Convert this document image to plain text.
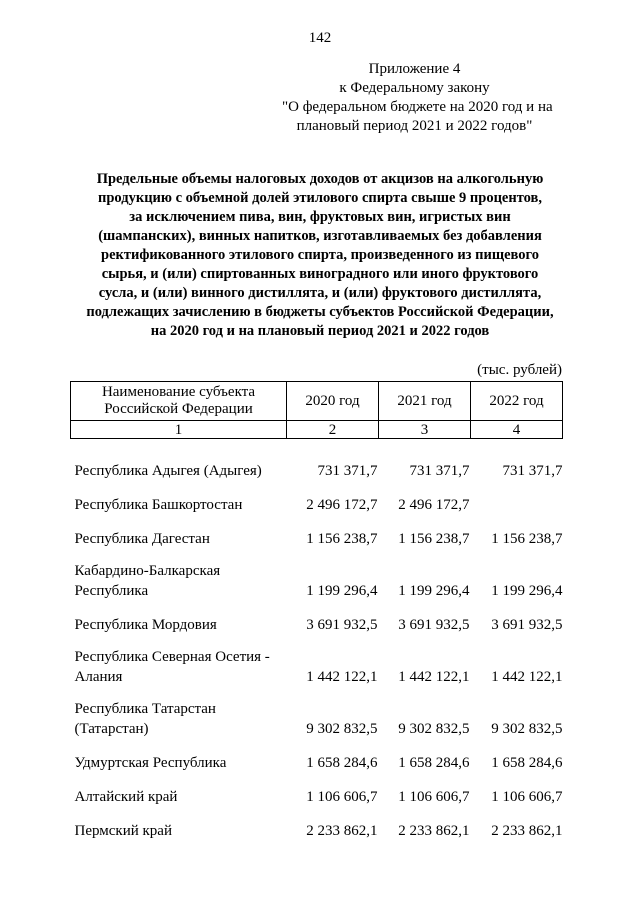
142
Приложение 4
к Федеральному закону
"О федеральном бюджете на 2020 год и на
плановый период 2021 и 2022 годов"
Предельные объемы налоговых доходов от акцизов на алкогольную
продукцию с объемной долей этилового спирта свыше 9 процентов,
за исключением пива, вин, фруктовых вин, игристых вин
(шампанских), винных напитков, изготавливаемых без добавления
ректификованного этилового спирта, произведенного из пищевого
сырья, и (или) спиртованных виноградного или иного фруктового
сусла, и (или) винного дистиллята, и (или) фруктового дистиллята,
подлежащих зачислению в бюджеты субъектов Российской Федерации,
на 2020 год и на плановый период 2021 и 2022 годов
(тыс. рублей)
Наименование субъекта
Российской Федерации	2020 год	2021 год	2022 год
1	2	3	4
Республика Адыгея (Адыгея)	731 371,7	731 371,7	731 371,7
Республика Башкортостан	2 496 172,7	2 496 172,7	
Республика Дагестан	1 156 238,7	1 156 238,7	1 156 238,7
Кабардино-Балкарская
Республика	1 199 296,4	1 199 296,4	1 199 296,4
Республика Мордовия	3 691 932,5	3 691 932,5	3 691 932,5
Республика Северная Осетия -
Алания	1 442 122,1	1 442 122,1	1 442 122,1
Республика Татарстан
(Татарстан)	9 302 832,5	9 302 832,5	9 302 832,5
Удмуртская Республика	1 658 284,6	1 658 284,6	1 658 284,6
Алтайский край	1 106 606,7	1 106 606,7	1 106 606,7
Пермский край	2 233 862,1	2 233 862,1	2 233 862,1
